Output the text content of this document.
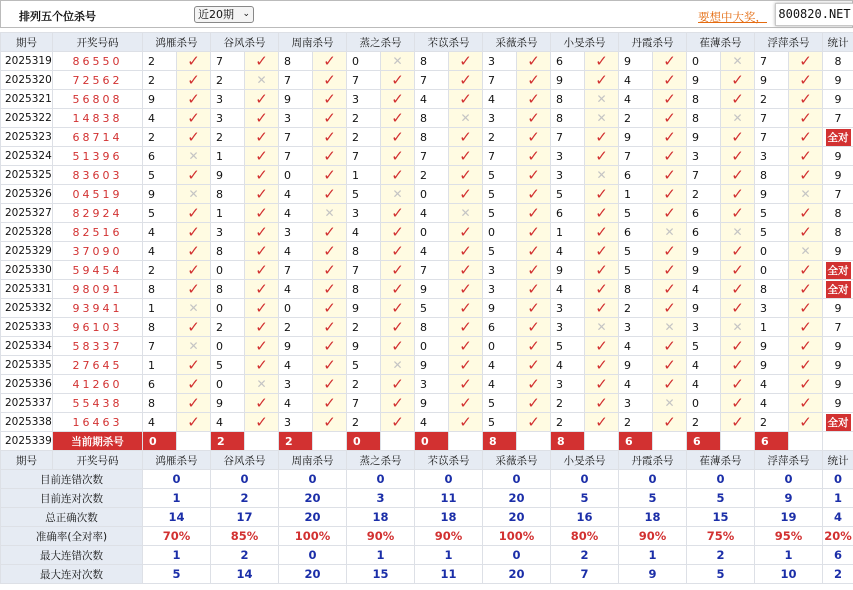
排列五个位杀号	近20期 ⌄	要想中大奖， 800820.NET
期号	开奖号码	鸿雁杀号		谷风杀号		周南杀号		蒸之杀号		芣苡杀号		采薇杀号		小旻杀号		丹霞杀号		萑薄杀号		浮萍杀号		统计
2025319	86550	2	✓	7	✓	8	✓	0	✕	8	✓	3	✓	6	✓	9	✓	0	✕	7	✓	8
2025320	72562	2	✓	2	✕	7	✓	7	✓	7	✓	7	✓	9	✓	4	✓	9	✓	9	✓	9
2025321	56808	9	✓	3	✓	9	✓	3	✓	4	✓	4	✓	8	✕	4	✓	8	✓	2	✓	9
2025322	14838	4	✓	3	✓	3	✓	2	✓	8	✕	3	✓	8	✕	2	✓	8	✕	7	✓	7
2025323	68714	2	✓	2	✓	7	✓	2	✓	8	✓	2	✓	7	✓	9	✓	9	✓	7	✓	全对
2025324	51396	6	✕	1	✓	7	✓	7	✓	7	✓	7	✓	3	✓	7	✓	3	✓	3	✓	9
2025325	83603	5	✓	9	✓	0	✓	1	✓	2	✓	5	✓	3	✕	6	✓	7	✓	8	✓	9
2025326	04519	9	✕	8	✓	4	✓	5	✕	0	✓	5	✓	5	✓	1	✓	2	✓	9	✕	7
2025327	82924	5	✓	1	✓	4	✕	3	✓	4	✕	5	✓	6	✓	5	✓	6	✓	5	✓	8
2025328	82516	4	✓	3	✓	3	✓	4	✓	0	✓	0	✓	1	✓	6	✕	6	✕	5	✓	8
2025329	37090	4	✓	8	✓	4	✓	8	✓	4	✓	5	✓	4	✓	5	✓	9	✓	0	✕	9
2025330	59454	2	✓	0	✓	7	✓	7	✓	7	✓	3	✓	9	✓	5	✓	9	✓	0	✓	全对
2025331	98091	8	✓	8	✓	4	✓	8	✓	9	✓	3	✓	4	✓	8	✓	4	✓	8	✓	全对
2025332	93941	1	✕	0	✓	0	✓	9	✓	5	✓	9	✓	3	✓	2	✓	9	✓	3	✓	9
2025333	96103	8	✓	2	✓	2	✓	2	✓	8	✓	6	✓	3	✕	3	✕	3	✕	1	✓	7
2025334	58337	7	✕	0	✓	9	✓	9	✓	0	✓	0	✓	5	✓	4	✓	5	✓	9	✓	9
2025335	27645	1	✓	5	✓	4	✓	5	✕	9	✓	4	✓	4	✓	9	✓	4	✓	9	✓	9
2025336	41260	6	✓	0	✕	3	✓	2	✓	3	✓	4	✓	3	✓	4	✓	4	✓	4	✓	9
2025337	55438	8	✓	9	✓	4	✓	7	✓	9	✓	5	✓	2	✓	3	✕	0	✓	4	✓	9
2025338	16463	4	✓	4	✓	3	✓	2	✓	4	✓	5	✓	2	✓	2	✓	2	✓	2	✓	全对
2025339	当前期杀号	0		2		2		0		0		8		8		6		6		6		
期号	开奖号码	鸿雁杀号		谷风杀号		周南杀号		蒸之杀号		芣苡杀号		采薇杀号		小旻杀号		丹霞杀号		萑薄杀号		浮萍杀号		统计
目前连错次数		0		0		0		0		0		0		0		0		0		0		0
目前连对次数		1		2		20		3		11		20		5		5		5		9		1
总正确次数		14		17		20		18		18		20		16		18		15		19		4
准确率(全对率)		70%		85%		100%		90%		90%		100%		80%		90%		75%		95%		20%
最大连错次数		1		2		0		1		1		0		2		1		2		1		6
最大连对次数		5		14		20		15		11		20		7		9		5		10		2
